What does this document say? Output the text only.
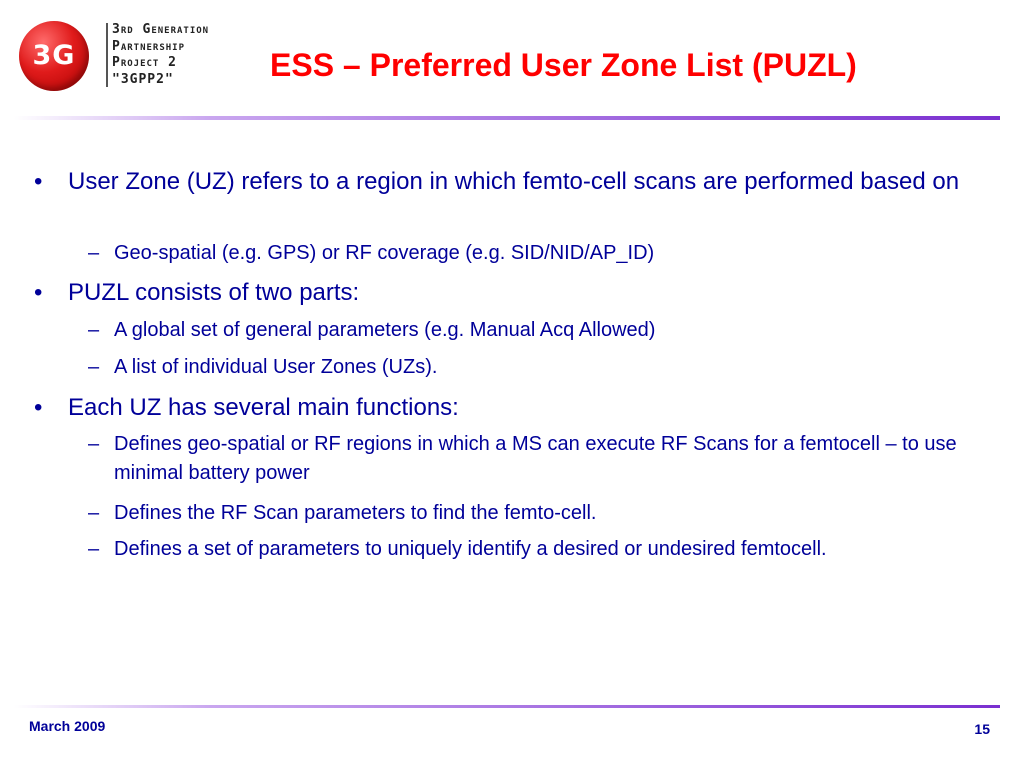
3G
3rd Generation
Partnership
Project 2
"3GPP2"	ESS – Preferred User Zone List (PUZL)
•	User Zone (UZ) refers to a region in which femto-cell scans are performed based on
– Geo-spatial (e.g. GPS) or RF coverage (e.g. SID/NID/AP_ID)
•	PUZL consists of two parts:
– A global set of general parameters (e.g. Manual Acq Allowed)
– A list of individual User Zones (UZs).
•	Each UZ has several main functions:
– Defines geo-spatial or RF regions in which a MS can execute RF Scans for a femtocell – to use minimal battery power
– Defines the RF Scan parameters to find the femto-cell.
– Defines a set of parameters to uniquely identify a desired or undesired femtocell.
March 2009	15
